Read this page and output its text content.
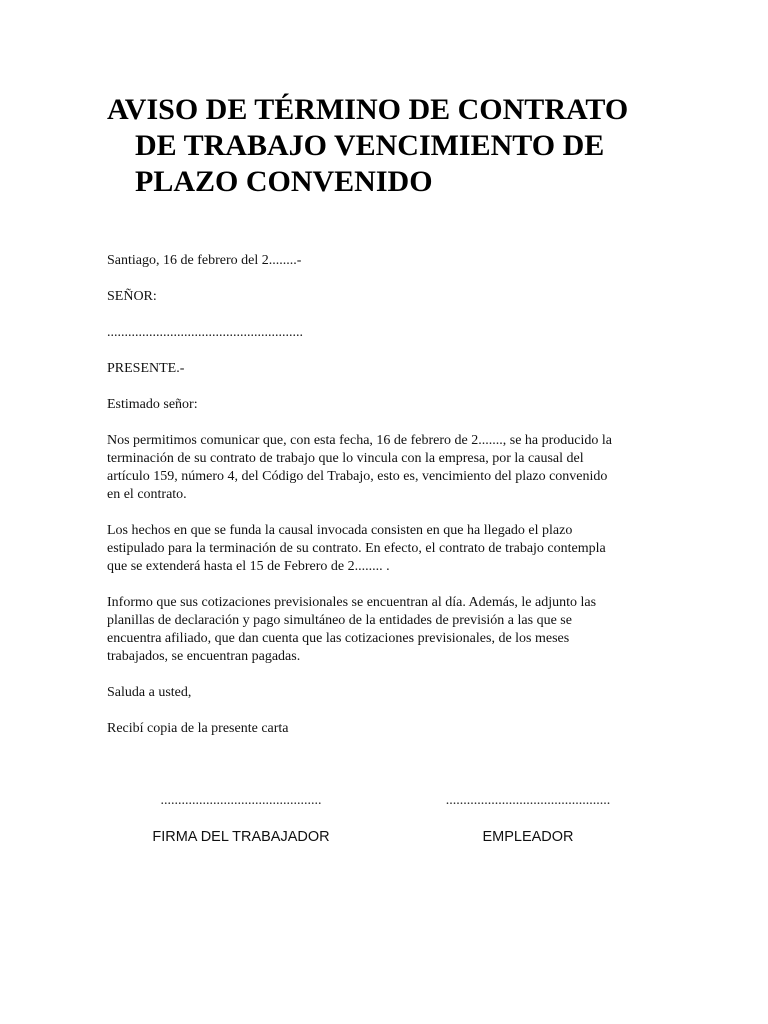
AVISO DE TÉRMINO DE CONTRATO
DE TRABAJO VENCIMIENTO DE
PLAZO CONVENIDO
Santiago, 16 de febrero del 2........-
SEÑOR:
........................................................
PRESENTE.-
Estimado señor:
Nos permitimos comunicar que, con esta fecha, 16 de febrero de 2......., se ha producido la
terminación de su contrato de trabajo que lo vincula con la empresa, por la causal del
artículo 159, número 4, del Código del Trabajo, esto es, vencimiento del plazo convenido
en el contrato.
Los hechos en que se funda la causal invocada consisten en que ha llegado el plazo
estipulado para la terminación de su contrato. En efecto, el contrato de trabajo contempla
que se extenderá hasta el 15 de Febrero de 2........ .
Informo que sus cotizaciones previsionales se encuentran al día. Además, le adjunto las
planillas de declaración y pago simultáneo de la entidades de previsión a las que se
encuentra afiliado, que dan cuenta que las cotizaciones previsionales, de los meses
trabajados, se encuentran pagadas.
Saluda a usted,
Recibí copia de la presente carta
..............................................
FIRMA DEL TRABAJADOR
...............................................
EMPLEADOR
